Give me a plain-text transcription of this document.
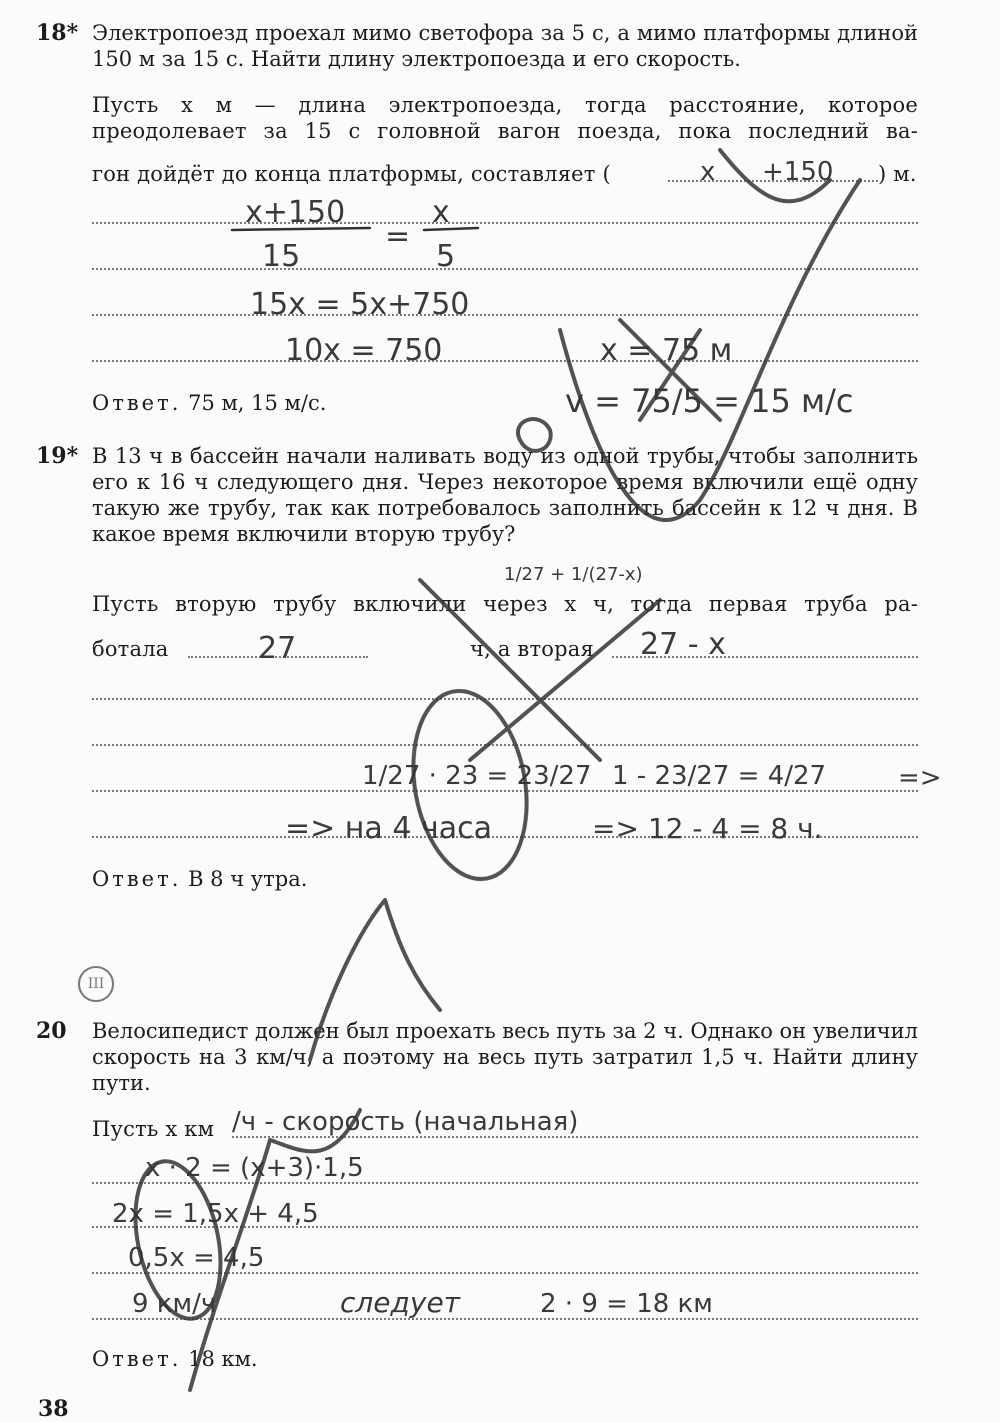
18* Электропоезд проехал мимо светофора за 5 с, а мимо платформы длиной 150 м за 15 с. Найти длину электропоезда и его скорость.
Пусть x м — длина электропоезда, тогда расстояние, которое
преодолевает за 15 с головной вагон поезда, пока последний ва-
гон дойдёт до конца платформы, составляет (	) м.
Ответ. 75 м, 15 м/с.
19* В 13 ч в бассейн начали наливать воду из одной трубы, чтобы заполнить его к 16 ч следующего дня. Через некоторое время включили ещё одну такую же трубу, так как потребовалось заполнить бассейн к 12 ч дня. В какое время включили вторую трубу?
Пусть вторую трубу включили через x ч, тогда первая труба ра-
ботала	ч, а вторая
Ответ. В 8 ч утра.
III
20 Велосипедист должен был проехать весь путь за 2 ч. Однако он увеличил скорость на 3 км/ч, а поэтому на весь путь затратил 1,5 ч. Найти длину пути.
Пусть x км
Ответ. 18 км.
38
x +150
x+150
15
=
x
5
15x = 5x+750
10x = 750	x = 75 м
v = 75/5 = 15 м/с
1/27 + 1/(27-x)
27	27 - x
1/27 · 23 = 23/27 1 - 23/27 = 4/27	=>
=> на 4 часа	=> 12 - 4 = 8 ч.
/ч - скорость (начальная)
x · 2 = (x+3)·1,5
2x = 1,5x + 4,5
0,5x = 4,5
9 км/ч	следует	2 · 9 = 18 км
